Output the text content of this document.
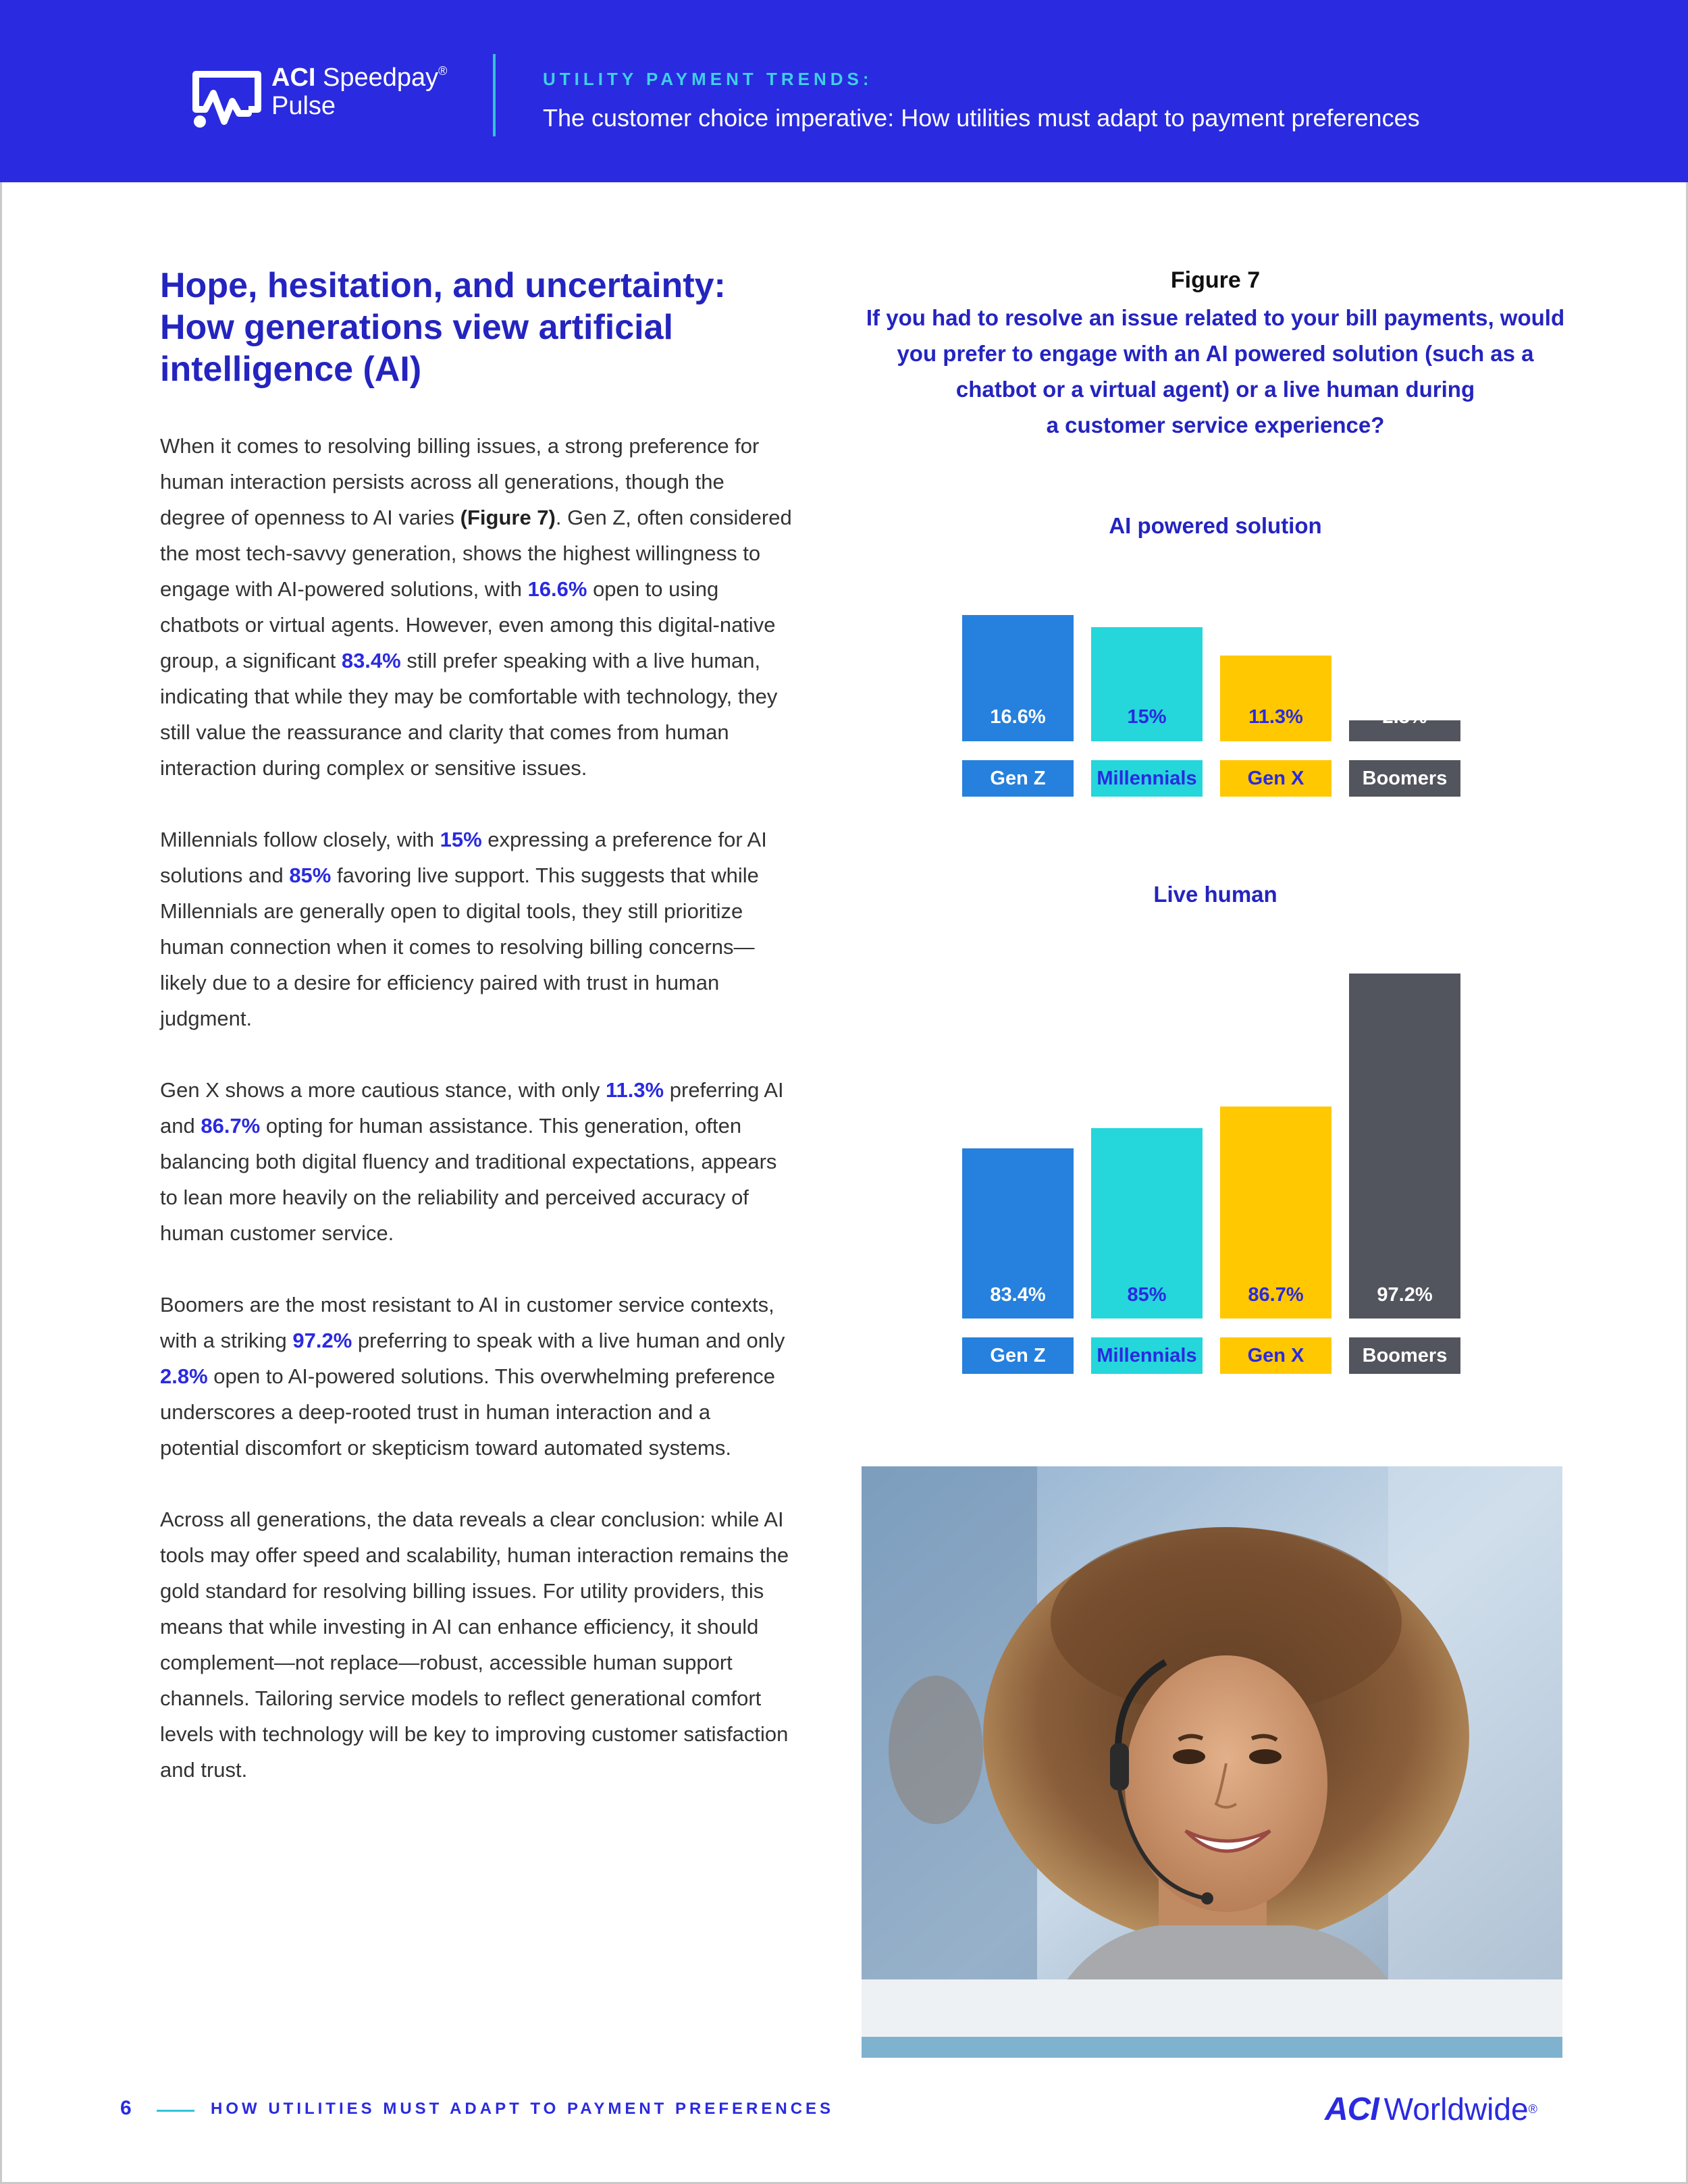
ACI Speedpay®
Pulse
UTILITY PAYMENT TRENDS:
The customer choice imperative: How utilities must adapt to payment preferences
Hope, hesitation, and uncertainty:
How generations view artificial
intelligence (AI)

When it comes to resolving billing issues, a strong preference for human interaction persists across all generations, though the degree of openness to AI varies (Figure 7). Gen Z, often considered the most tech-savvy generation, shows the highest willingness to engage with AI-powered solutions, with 16.6% open to using chatbots or virtual agents. However, even among this digital-native group, a significant 83.4% still prefer speaking with a live human, indicating that while they may be comfortable with technology, they still value the reassurance and clarity that comes from human interaction during complex or sensitive issues.

Millennials follow closely, with 15% expressing a preference for AI solutions and 85% favoring live support. This suggests that while Millennials are generally open to digital tools, they still prioritize human connection when it comes to resolving billing concerns—likely due to a desire for efficiency paired with trust in human judgment.

Gen X shows a more cautious stance, with only 11.3% preferring AI and 86.7% opting for human assistance. This generation, often balancing both digital fluency and traditional expectations, appears to lean more heavily on the reliability and perceived accuracy of human customer service.

Boomers are the most resistant to AI in customer service contexts, with a striking 97.2% preferring to speak with a live human and only 2.8% open to AI-powered solutions. This overwhelming preference underscores a deep-rooted trust in human interaction and a potential discomfort or skepticism toward automated systems.

Across all generations, the data reveals a clear conclusion: while AI tools may offer speed and scalability, human interaction remains the gold standard for resolving billing issues. For utility providers, this means that while investing in AI can enhance efficiency, it should complement—not replace—robust, accessible human support channels. Tailoring service models to reflect generational comfort levels with technology will be key to improving customer satisfaction and trust.

Figure 7
If you had to resolve an issue related to your bill payments, would
you prefer to engage with an AI powered solution (such as a
chatbot or a virtual agent) or a live human during
a customer service experience?
AI powered solution
16.6%
Gen Z
15%
Millennials
11.3%
Gen X
2.8%
Boomers
Live human
83.4%
Gen Z
85%
Millennials
86.7%
Gen X
97.2%
Boomers
6	HOW UTILITIES MUST ADAPT TO PAYMENT PREFERENCES	ACI Worldwide ®
